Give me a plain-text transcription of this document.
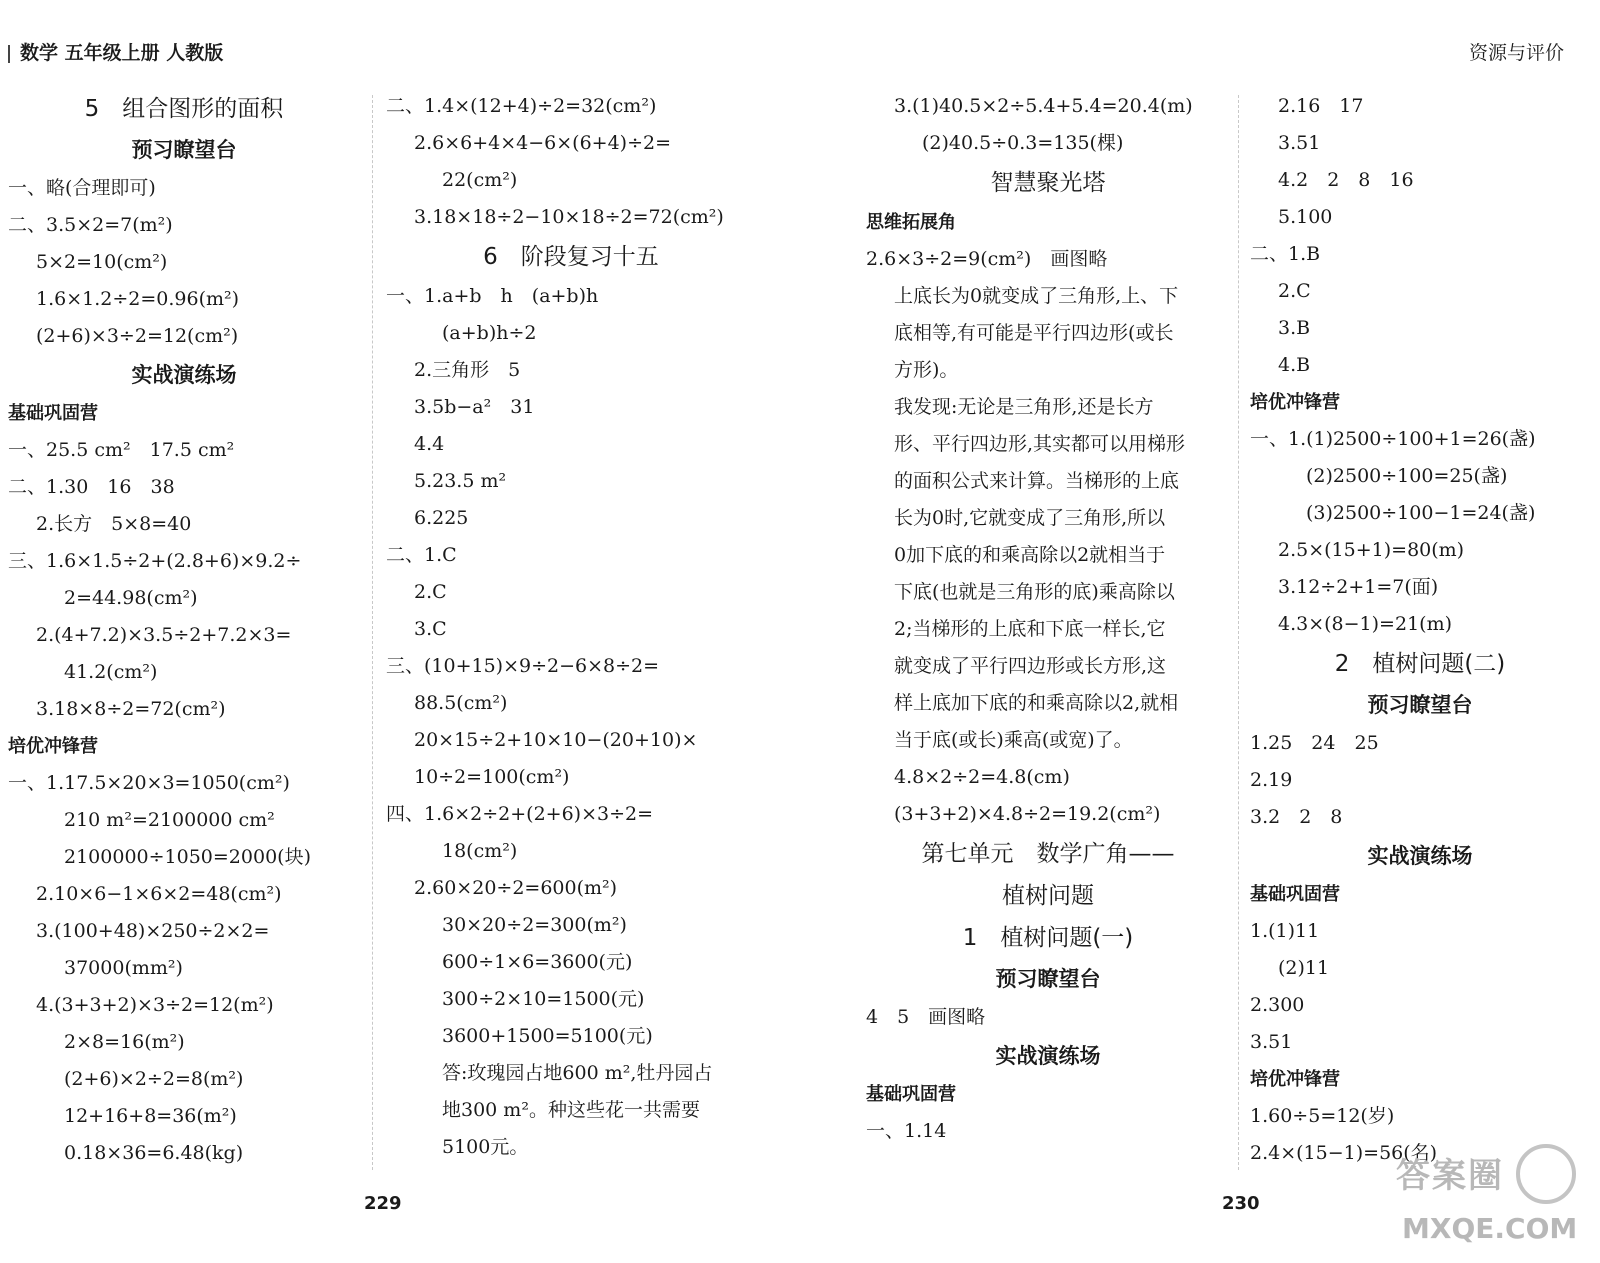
数学 五年级上册 人教版	资源与评价
5　组合图形的面积
预习瞭望台
一、略(合理即可)
二、3.5×2=7(m²)
5×2=10(cm²)
1.6×1.2÷2=0.96(m²)
(2+6)×3÷2=12(cm²)
实战演练场
基础巩固营
一、25.5 cm²　17.5 cm²
二、1.30　16　38
2.长方　5×8=40
三、1.6×1.5÷2+(2.8+6)×9.2÷
2=44.98(cm²)
2.(4+7.2)×3.5÷2+7.2×3=
41.2(cm²)
3.18×8÷2=72(cm²)
培优冲锋营
一、1.17.5×20×3=1050(cm²)
210 m²=2100000 cm²
2100000÷1050=2000(块)
2.10×6−1×6×2=48(cm²)
3.(100+48)×250÷2×2=
37000(mm²)
4.(3+3+2)×3÷2=12(m²)
2×8=16(m²)
(2+6)×2÷2=8(m²)
12+16+8=36(m²)
0.18×36=6.48(kg)
二、1.4×(12+4)÷2=32(cm²)
2.6×6+4×4−6×(6+4)÷2=
22(cm²)
3.18×18÷2−10×18÷2=72(cm²)
6　阶段复习十五
一、1.a+b　h　(a+b)h
(a+b)h÷2
2.三角形　5
3.5b−a²　31
4.4
5.23.5 m²
6.225
二、1.C
2.C
3.C
三、(10+15)×9÷2−6×8÷2=
88.5(cm²)
20×15÷2+10×10−(20+10)×
10÷2=100(cm²)
四、1.6×2÷2+(2+6)×3÷2=
18(cm²)
2.60×20÷2=600(m²)
30×20÷2=300(m²)
600÷1×6=3600(元)
300÷2×10=1500(元)
3600+1500=5100(元)
答:玫瑰园占地600 m²,牡丹园占
地300 m²。种这些花一共需要
5100元。
3.(1)40.5×2÷5.4+5.4=20.4(m)
(2)40.5÷0.3=135(棵)
智慧聚光塔
思维拓展角
2.6×3÷2=9(cm²)　画图略
上底长为0就变成了三角形,上、下
底相等,有可能是平行四边形(或长
方形)。
我发现:无论是三角形,还是长方
形、平行四边形,其实都可以用梯形
的面积公式来计算。当梯形的上底
长为0时,它就变成了三角形,所以
0加下底的和乘高除以2就相当于
下底(也就是三角形的底)乘高除以
2;当梯形的上底和下底一样长,它
就变成了平行四边形或长方形,这
样上底加下底的和乘高除以2,就相
当于底(或长)乘高(或宽)了。
4.8×2÷2=4.8(cm)
(3+3+2)×4.8÷2=19.2(cm²)
第七单元　数学广角——
植树问题
1　植树问题(一)
预习瞭望台
4　5　画图略
实战演练场
基础巩固营
一、1.14
2.16　17
3.51
4.2　2　8　16
5.100
二、1.B
2.C
3.B
4.B
培优冲锋营
一、1.(1)2500÷100+1=26(盏)
(2)2500÷100=25(盏)
(3)2500÷100−1=24(盏)
2.5×(15+1)=80(m)
3.12÷2+1=7(面)
4.3×(8−1)=21(m)
2　植树问题(二)
预习瞭望台
1.25　24　25
2.19
3.2　2　8
实战演练场
基础巩固营
1.(1)11
(2)11
2.300
3.51
培优冲锋营
1.60÷5=12(岁)
2.4×(15−1)=56(名)
229	230
答案圈
MXQE.COM
